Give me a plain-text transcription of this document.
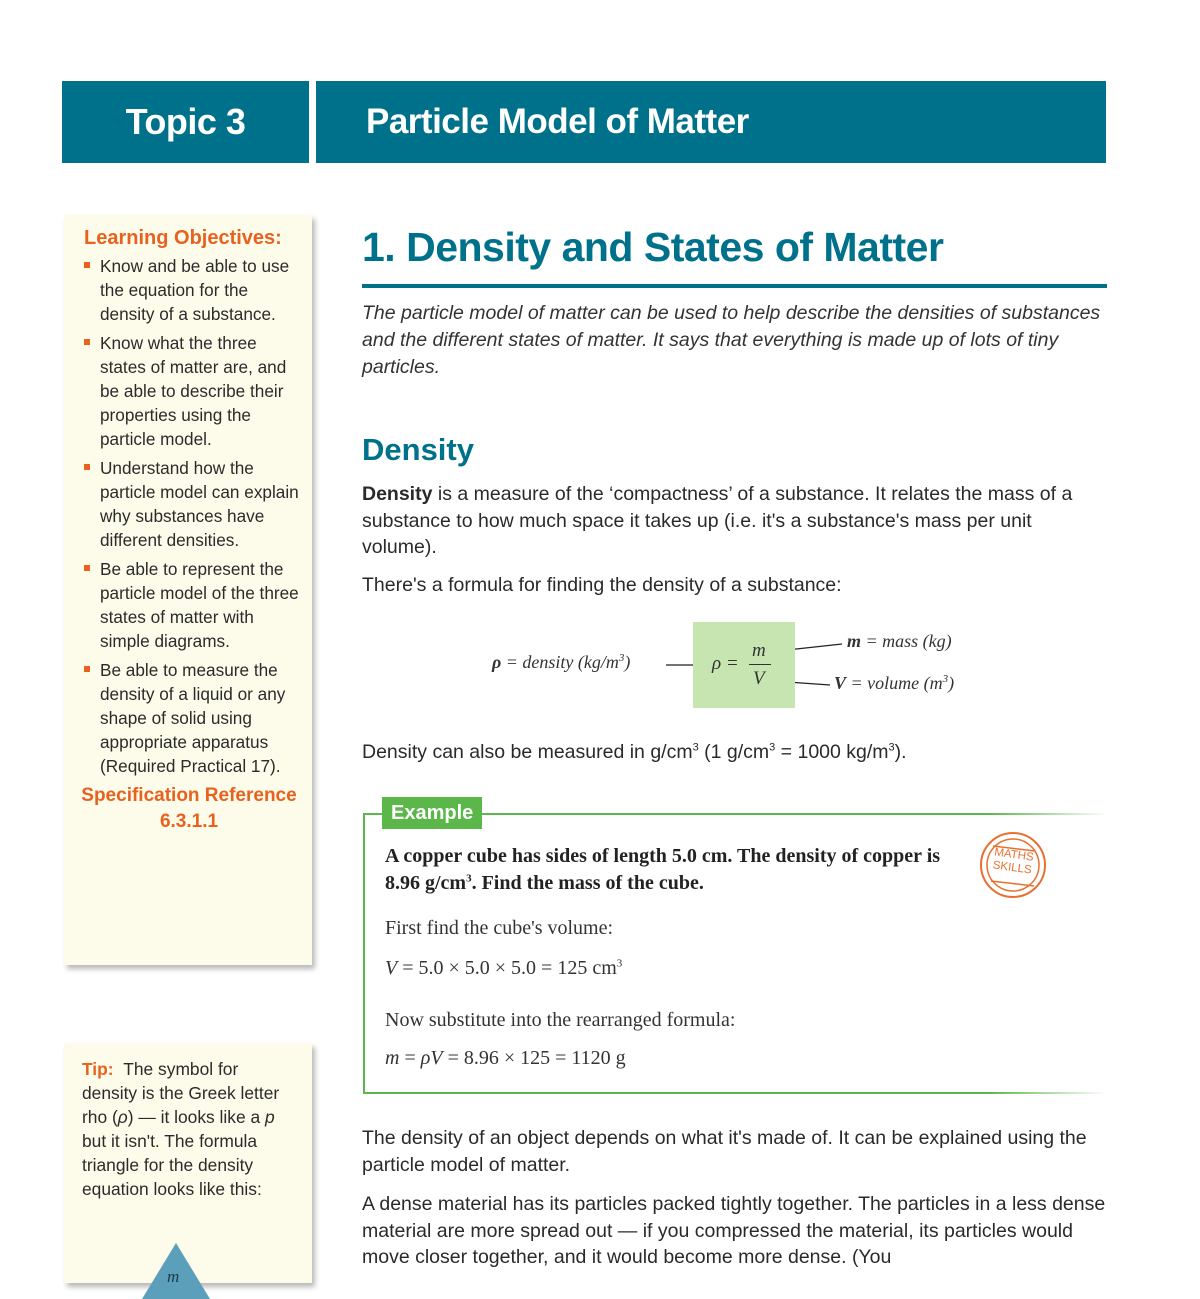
Topic 3	Particle Model of Matter
Learning Objectives:
Know and be able to use the equation for the density of a substance.
Know what the three states of matter are, and be able to describe their properties using the particle model.
Understand how the particle model can explain why substances have different densities.
Be able to represent the particle model of the three states of matter with simple diagrams.
Be able to measure the density of a liquid or any shape of solid using appropriate apparatus (Required Practical 17).
Specification Reference
6.3.1.1
Tip: The symbol for density is the Greek letter rho (ρ) — it looks like a p but it isn't. The formula triangle for the density equation looks like this:
m
1. Density and States of Matter
The particle model of matter can be used to help describe the densities of substances and the different states of matter. It says that everything is made up of lots of tiny particles.
Density
Density is a measure of the ‘compactness’ of a substance. It relates the mass of a substance to how much space it takes up (i.e. it's a substance's mass per unit volume).
There's a formula for finding the density of a substance:
ρ = density $(kg/m^3)$	ρ =
m
V
m = mass (kg)
V = volume $(m^3)$
Density can also be measured in $g/cm^3$ (1 $g/cm^3 = 1000$ $kg/m^3$).
A copper cube has sides of length 5.0 cm. The density of copper is 8.96 $g/cm^3$. Find the mass of the cube.
First find the cube's volume:
V = 5.0 × 5.0 × 5.0 = 125 $cm^3$
Now substitute into the rearranged formula:
m = ρV = 8.96 × 125 = 1120 g
MATHS
SKILLS
Example
The density of an object depends on what it's made of. It can be explained using the particle model of matter.
A dense material has its particles packed tightly together. The particles in a less dense material are more spread out — if you compressed the material, its particles would move closer together, and it would become more dense. (You
